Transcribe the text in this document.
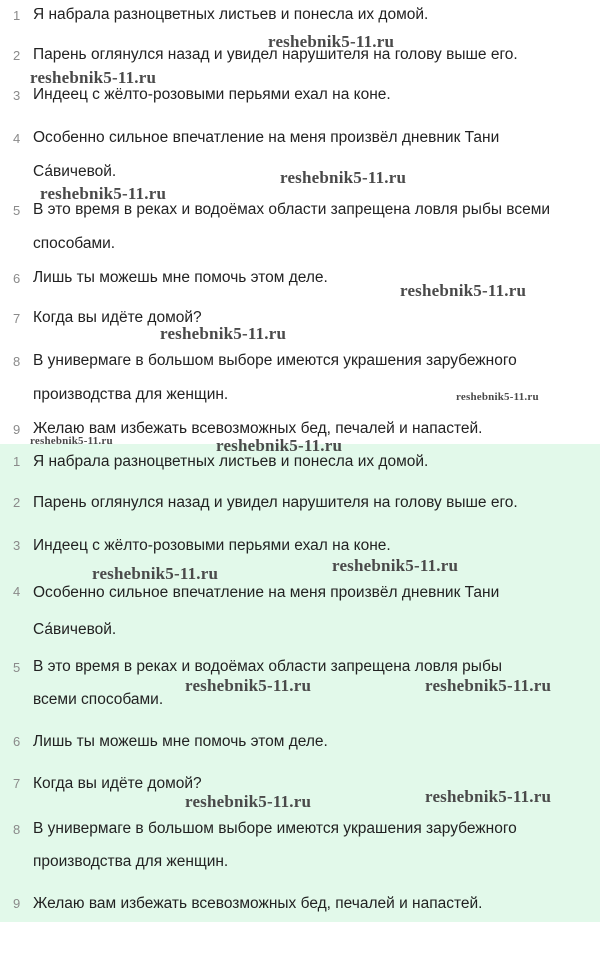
1 Я набрала разноцветных листьев и понесла их домой.
2 Парень оглянулся назад и увидел нарушителя на голову выше его.
3 Индеец с жёлто-розовыми перьями ехал на коне.
4 Особенно сильное впечатление на меня произвёл дневник Тани
Са́вичевой.
5 В это время в реках и водоёмах области запрещена ловля рыбы всеми
способами.
6 Лишь ты можешь мне помочь этом деле.
7 Когда вы идёте домой?
8 В универмаге в большом выборе имеются украшения зарубежного
производства для женщин.
9 Желаю вам избежать всевозможных бед, печалей и напастей.
1 Я набрала разноцветных листьев и понесла их домой.
2 Парень оглянулся назад и увидел нарушителя на голову выше его.
3 Индеец с жёлто-розовыми перьями ехал на коне.
4 Особенно сильное впечатление на меня произвёл дневник Тани
Са́вичевой.
5 В это время в реках и водоёмах области запрещена ловля рыбы
всеми способами.
6 Лишь ты можешь мне помочь этом деле.
7 Когда вы идёте домой?
8 В универмаге в большом выборе имеются украшения зарубежного
производства для женщин.
9 Желаю вам избежать всевозможных бед, печалей и напастей.
reshebnik5-11.ru
reshebnik5-11.ru
reshebnik5-11.ru
reshebnik5-11.ru
reshebnik5-11.ru
reshebnik5-11.ru
reshebnik5-11.ru
reshebnik5-11.ru	reshebnik5-11.ru
reshebnik5-11.ru
reshebnik5-11.ru
reshebnik5-11.ru	reshebnik5-11.ru
reshebnik5-11.ru
reshebnik5-11.ru
